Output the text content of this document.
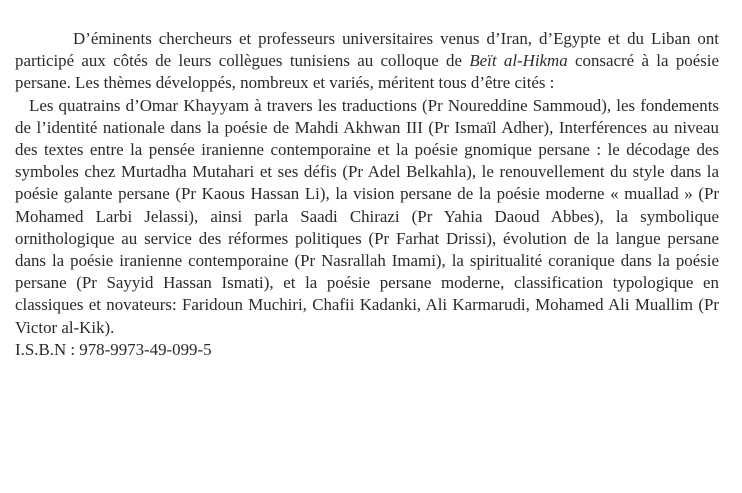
D’éminents chercheurs et professeurs universitaires venus d’Iran, d’Egypte et du Liban ont participé aux côtés de leurs collègues tunisiens au colloque de Beït al-Hikma consacré à la poésie persane. Les thèmes développés, nombreux et variés, méritent tous d’être cités :

Les quatrains d’Omar Khayyam à travers les traductions (Pr Noureddine Sammoud), les fondements de l’identité nationale dans la poésie de Mahdi Akhwan III (Pr Ismaïl Adher), Interférences au niveau des textes entre la pensée iranienne contemporaine et la poésie gnomique persane : le décodage des symboles chez Murtadha Mutahari et ses défis (Pr Adel Belkahla), le renouvellement du style dans la poésie galante persane (Pr Kaous Hassan Li), la vision persane de la poésie moderne « muallad » (Pr Mohamed Larbi Jelassi), ainsi parla Saadi Chirazi (Pr Yahia Daoud Abbes), la symbolique ornithologique au service des réformes politiques (Pr Farhat Drissi), évolution de la langue persane dans la poésie iranienne contemporaine (Pr Nasrallah Imami), la spiritualité coranique dans la poésie persane (Pr Sayyid Hassan Ismati), et la poésie persane moderne, classification typologique en classiques et novateurs: Faridoun Muchiri, Chafii Kadanki, Ali Karmarudi, Mohamed Ali Muallim (Pr Victor al-Kik).

I.S.B.N : 978-9973-49-099-5
